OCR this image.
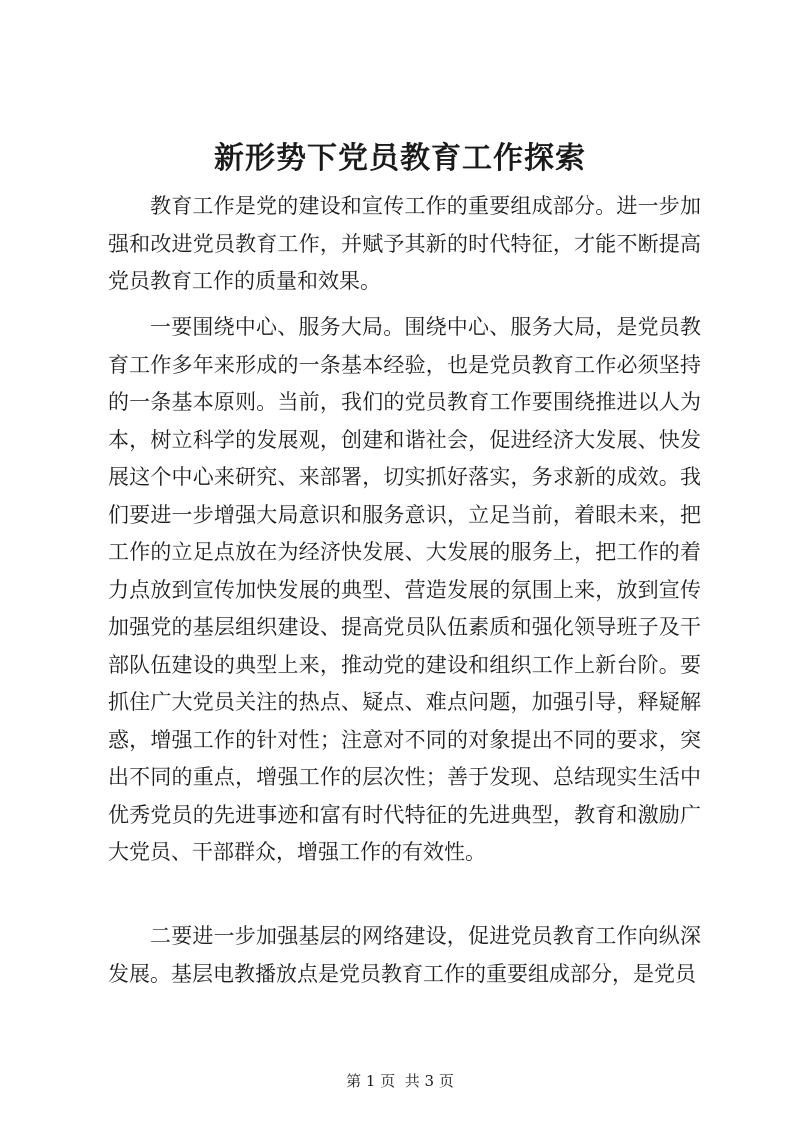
新形势下党员教育工作探索

教育工作是党的建设和宣传工作的重要组成部分。进一步加强和改进党员教育工作，并赋予其新的时代特征，才能不断提高党员教育工作的质量和效果。

一要围绕中心、服务大局。围绕中心、服务大局，是党员教育工作多年来形成的一条基本经验，也是党员教育工作必须坚持的一条基本原则。当前，我们的党员教育工作要围绕推进以人为本，树立科学的发展观，创建和谐社会，促进经济大发展、快发展这个中心来研究、来部署，切实抓好落实，务求新的成效。我们要进一步增强大局意识和服务意识，立足当前，着眼未来，把工作的立足点放在为经济快发展、大发展的服务上，把工作的着力点放到宣传加快发展的典型、营造发展的氛围上来，放到宣传加强党的基层组织建设、提高党员队伍素质和强化领导班子及干部队伍建设的典型上来，推动党的建设和组织工作上新台阶。要抓住广大党员关注的热点、疑点、难点问题，加强引导，释疑解惑，增强工作的针对性；注意对不同的对象提出不同的要求，突出不同的重点，增强工作的层次性；善于发现、总结现实生活中优秀党员的先进事迹和富有时代特征的先进典型，教育和激励广大党员、干部群众，增强工作的有效性。

二要进一步加强基层的网络建设，促进党员教育工作向纵深发展。基层电教播放点是党员教育工作的重要组成部分，是党员

第 1 页  共 3 页
